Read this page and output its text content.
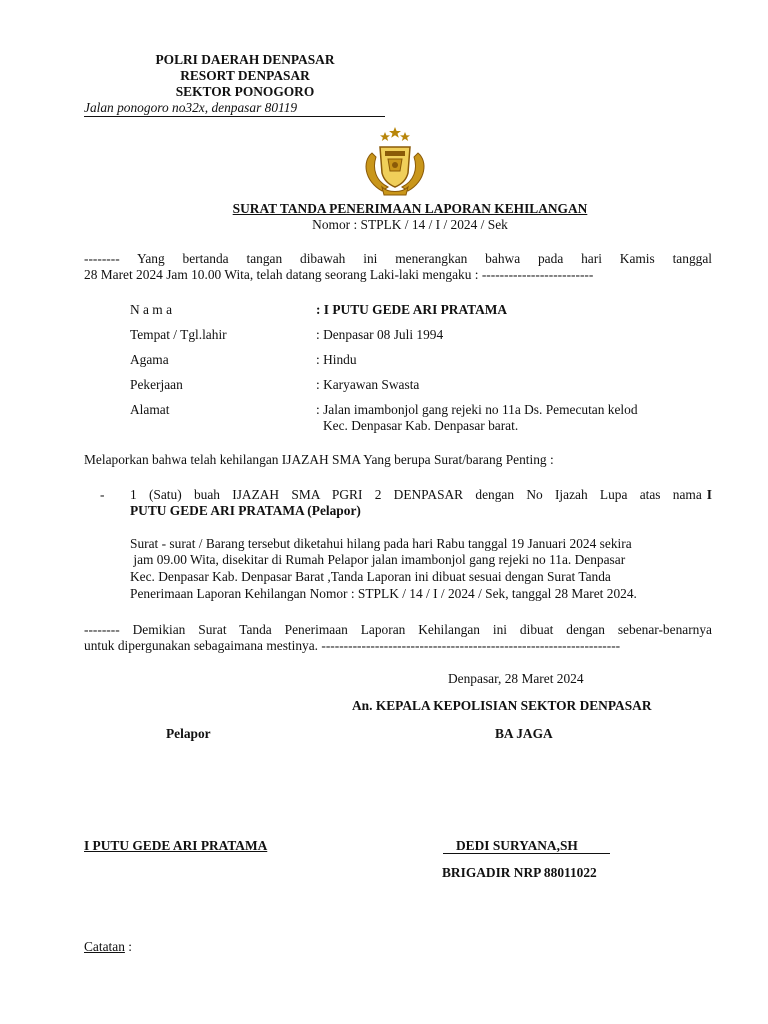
POLRI DAERAH DENPASAR
RESORT DENPASAR
SEKTOR PONOGORO
Jalan ponogoro no32x, denpasar 80119
SURAT TANDA PENERIMAAN LAPORAN KEHILANGAN
Nomor : STPLK / 14 / I / 2024 / Sek
-------- Yang bertanda tangan dibawah ini menerangkan bahwa pada hari Kamis tanggal
28 Maret 2024 Jam 10.00 Wita, telah datang seorang Laki-laki mengaku : -------------------------
N a m a	: I PUTU GEDE ARI PRATAMA
Tempat / Tgl.lahir	: Denpasar 08 Juli 1994
Agama	: Hindu
Pekerjaan	: Karyawan Swasta
Alamat	: Jalan imambonjol gang rejeki no 11a Ds. Pemecutan kelod
Kec. Denpasar Kab. Denpasar barat.
Melaporkan bahwa telah kehilangan IJAZAH SMA Yang berupa Surat/barang Penting :
- 1 (Satu) buah IJAZAH SMA PGRI 2 DENPASAR dengan No Ijazah Lupa atas nama I
PUTU GEDE ARI PRATAMA (Pelapor)
Surat - surat / Barang tersebut diketahui hilang pada hari Rabu tanggal 19 Januari 2024 sekira
jam 09.00 Wita, disekitar di Rumah Pelapor jalan imambonjol gang rejeki no 11a. Denpasar
Kec. Denpasar Kab. Denpasar Barat ,Tanda Laporan ini dibuat sesuai dengan Surat Tanda
Penerimaan Laporan Kehilangan Nomor : STPLK / 14 / I / 2024 / Sek, tanggal 28 Maret 2024.
-------- Demikian Surat Tanda Penerimaan Laporan Kehilangan ini dibuat dengan sebenar-benarnya
untuk dipergunakan sebagaimana mestinya. -------------------------------------------------------------------
Denpasar, 28 Maret 2024
An. KEPALA KEPOLISIAN SEKTOR DENPASAR
Pelapor	BA JAGA
I PUTU GEDE ARI PRATAMA	DEDI SURYANA,SH
BRIGADIR NRP 88011022
Catatan :
